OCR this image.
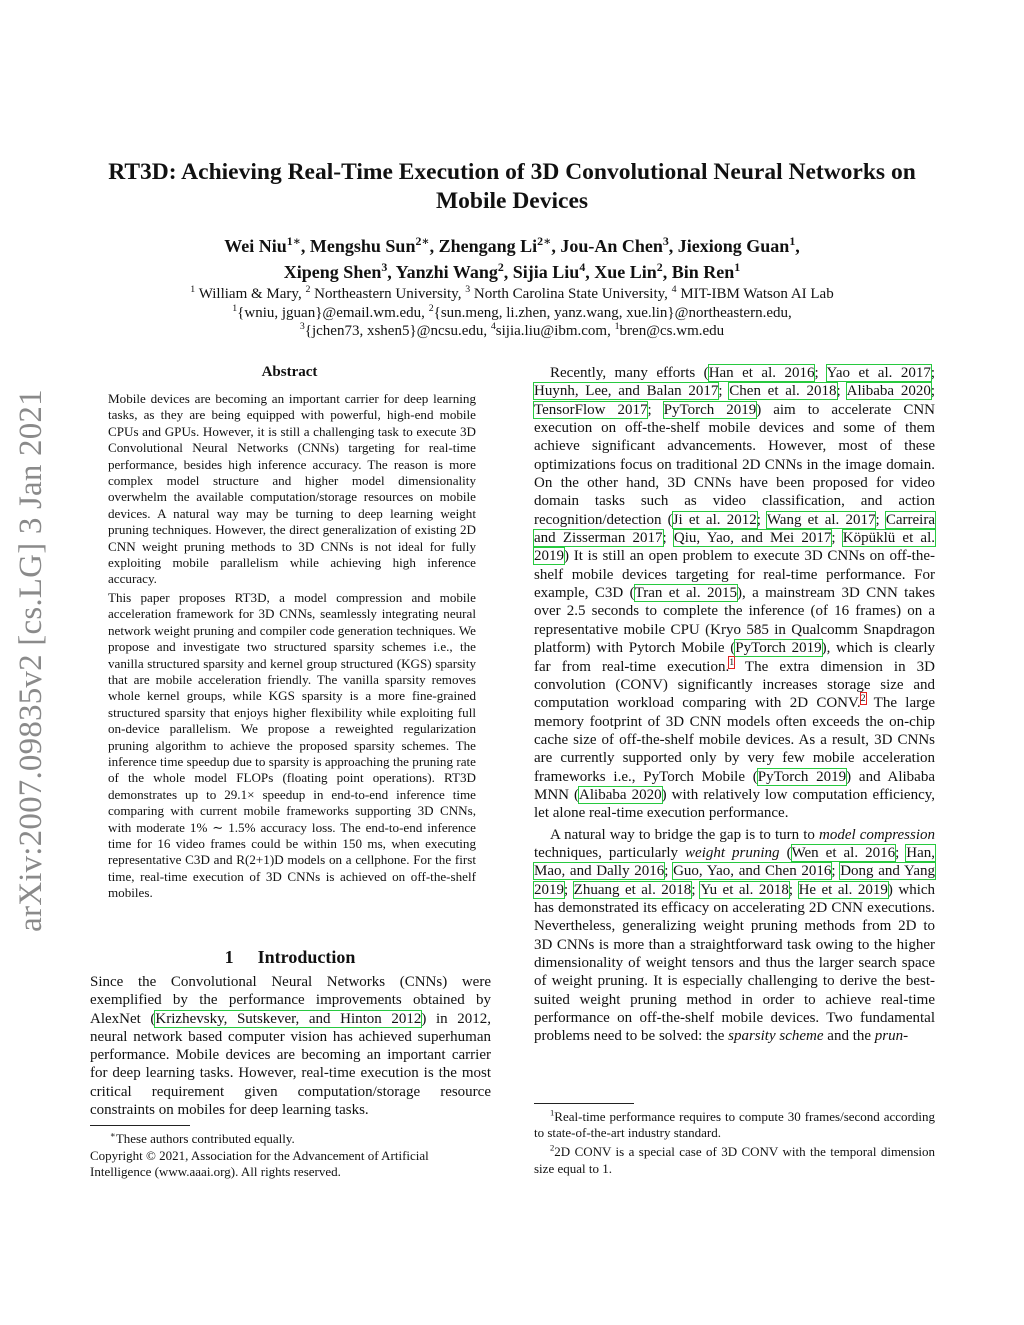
arXiv:2007.09835v2 [cs.LG] 3 Jan 2021
RT3D: Achieving Real-Time Execution of 3D Convolutional Neural Networks on
Mobile Devices
Wei Niu$^{1∗}$, Mengshu Sun$^{2∗}$, Zhengang $Li^{2∗}$, Jou-An Chen$^3$, Jiexiong Guan$^1$,
Xipeng Shen$^3$, Yanzhi Wang$^2$, Sijia Liu$^4$, Xue Lin$^2$, Bin Ren$^1$
$^1$ William & Mary, $^2$ Northeastern University, $^3$ North Carolina State University, $^4$ MIT-IBM Watson AI Lab
$^1${wniu, jguan}@email.wm.edu, $^2${sun.meng, li.zhen, yanz.wang, xue.lin}@northeastern.edu,
$^3${jchen73, xshen5}@ncsu.edu, $^4$sijia.liu@ibm.com, $^1$bren@cs.wm.edu
Abstract

Mobile devices are becoming an important carrier for deep learning tasks, as they are being equipped with powerful, high-end mobile CPUs and GPUs. However, it is still a challenging task to execute 3D Convolutional Neural Networks (CNNs) targeting for real-time performance, besides high inference accuracy. The reason is more complex model structure and higher model dimensionality overwhelm the available computation/storage resources on mobile devices. A natural way may be turning to deep learning weight pruning techniques. However, the direct generalization of existing 2D CNN weight pruning methods to 3D CNNs is not ideal for fully exploiting mobile parallelism while achieving high inference accuracy.

This paper proposes RT3D, a model compression and mobile acceleration framework for 3D CNNs, seamlessly integrating neural network weight pruning and compiler code generation techniques. We propose and investigate two structured sparsity schemes i.e., the vanilla structured sparsity and kernel group structured (KGS) sparsity that are mobile acceleration friendly. The vanilla sparsity removes whole kernel groups, while KGS sparsity is a more fine-grained structured sparsity that enjoys higher flexibility while exploiting full on-device parallelism. We propose a reweighted regularization pruning algorithm to achieve the proposed sparsity schemes. The inference time speedup due to sparsity is approaching the pruning rate of the whole model FLOPs (floating point operations). RT3D demonstrates up to 29.1× speedup in end-to-end inference time comparing with current mobile frameworks supporting 3D CNNs, with moderate 1% ∼ 1.5% accuracy loss. The end-to-end inference time for 16 video frames could be within 150 ms, when executing representative C3D and R(2+1)D models on a cellphone. For the first time, real-time execution of 3D CNNs is achieved on off-the-shelf mobiles.

1 Introduction

Since the Convolutional Neural Networks (CNNs) were exemplified by the performance improvements obtained by AlexNet (Krizhevsky, Sutskever, and Hinton 2012) in 2012, neural network based computer vision has achieved superhuman performance. Mobile devices are becoming an important carrier for deep learning tasks. However, real-time execution is the most critical requirement given computation/storage resource constraints on mobiles for deep learning tasks.

∗These authors contributed equally.

Copyright © 2021, Association for the Advancement of Artificial Intelligence (www.aaai.org). All rights reserved.

Recently, many efforts (Han et al. 2016; Yao et al. 2017; Huynh, Lee, and Balan 2017; Chen et al. 2018; Alibaba 2020; TensorFlow 2017; PyTorch 2019) aim to accelerate CNN execution on off-the-shelf mobile devices and some of them achieve significant advancements. However, most of these optimizations focus on traditional 2D CNNs in the image domain. On the other hand, 3D CNNs have been proposed for video domain tasks such as video classification, and action recognition/detection (Ji et al. 2012; Wang et al. 2017; Carreira and Zisserman 2017; Qiu, Yao, and Mei 2017; Köpüklü et al. 2019) It is still an open problem to execute 3D CNNs on off-the-shelf mobile devices targeting for real-time performance. For example, C3D (Tran et al. 2015), a mainstream 3D CNN takes over 2.5 seconds to complete the inference (of 16 frames) on a representative mobile CPU (Kryo 585 in Qualcomm Snapdragon platform) with Pytorch Mobile (PyTorch 2019), which is clearly far from real-time execution.$^1$ The extra dimension in 3D convolution (CONV) significantly increases storage size and computation workload comparing with 2D CONV.$^2$ The large memory footprint of 3D CNN models often exceeds the on-chip cache size of off-the-shelf mobile devices. As a result, 3D CNNs are currently supported only by very few mobile acceleration frameworks i.e., PyTorch Mobile (PyTorch 2019) and Alibaba MNN (Alibaba 2020) with relatively low computation efficiency, let alone real-time execution performance.

A natural way to bridge the gap is to turn to model compression techniques, particularly weight pruning (Wen et al. 2016; Han, Mao, and Dally 2016; Guo, Yao, and Chen 2016; Dong and Yang 2019; Zhuang et al. 2018; Yu et al. 2018; He et al. 2019) which has demonstrated its efficacy on accelerating 2D CNN executions. Nevertheless, generalizing weight pruning methods from 2D to 3D CNNs is more than a straightforward task owing to the higher dimensionality of weight tensors and thus the larger search space of weight pruning. It is especially challenging to derive the best-suited weight pruning method in order to achieve real-time performance on off-the-shelf mobile devices. Two fundamental problems need to be solved: the sparsity scheme and the prun-

$^1$Real-time performance requires to compute 30 frames/second according to state-of-the-art industry standard.

$^2$2D CONV is a special case of 3D CONV with the temporal dimension size equal to 1.
